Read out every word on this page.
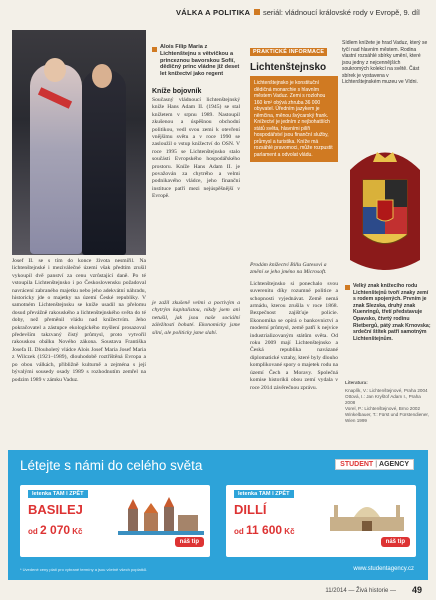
VÁLKA A POLITIKA seriál: vládnoucí královské rody v Evropě, 9. díl
Alois Filip Maria z Lichtenštejnu s větvičkou a princeznou bavorskou Sofií, dědičný princ vládne již deset let knížectví jako regent
Kníže bojovník

Současný vládnoucí lichtenštejnský kníže Hans Adam II. (1945) se stal knížetem v srpnu 1989. Nastoupil zkušenou a úspěšnou obchodní politikou, vedl svou zemi k otevření vnějšímu světu a v roce 1990 se zasloužil o vstup knížectví do OSN. V roce 1995 se Lichtenštejnsko stalo součástí Evropského hospodářského prostoru. Kníže Hans Adam II. je považován za chytrého a velmi podnikavého vládce, jeho finanční instituce patří mezi nejúspěšnější v Evropě.

PRAKTICKÉ INFORMACE
Lichtenštejnsko
Lichtenštejnsko je konstituční dědičná monarchie s hlavním městem Vaduz. Zemi s rozlohou 160 km² obývá zhruba 36 000 obyvatel. Úředním jazykem je němčina, měnou švýcarský frank. Knížectví je jedním z nejbohatších států světa, hlavními pilíři hospodářství jsou finanční služby, průmysl a turistika. Kníže má rozsáhlé pravomoci, může rozpustit parlament a odvolat vládu.
Sídlem knížete je hrad Vaduz, který se tyčí nad hlavním městem. Rodina vlastní rozsáhlé sbírky umění, které jsou jedny z nejcennějších soukromých kolekcí na světě. Část sbírek je vystavena v Lichtenštejnském muzeu ve Vídni.
Velký znak knížecího rodu Lichtenštejnů tvoří znaky zemí s rodem spojených. Prvním je znak Slezska, druhý znak Kuenringů, třetí představuje Opavsko, čtvrtý rodinu Rietbergů, pátý znak Krnovska; srdeční štítek patří samotným Lichtenštejnům.
Literatura:
Knaplík, V.: Lichtenštejnové, Praha 2004
Ottová, I.: Jan Kryštof Adam I., Praha 2008
Vorel, P.: Lichtenštejnové, Brno 2002
Winkelbauer, T.: Fürst und Fürstendiener, Wien 1999

Josef II. se s tím do konce života nesmířil. Na lichtenštejnské i meziválečné území však předtím zrušil vykoupil dvě panství za cenu vzrůstající daně. Po té vstoupila Lichtenštejnsko i po Československu požadoval navrácení zabraného majetku nebo jeho adekvátní náhradu, historicky jde o majetky na území České republiky. V samotném Lichtenštejnsku se kníže usadil na přelomu dosud převážně rakouského a lichtenštejnského světa do té doby, než přeměnil vládu nad knížectvím. Jeho pokračovatel a zástupce ekologického myšlení prosazoval především takzvaný čistý průmysl, proto vytvořil rakouskou obálku Nového zákona. Soustava Františka Josefa II. Dlouholetý vládce Alois Josef Maria Josef Maria z Wilczek (1921–1989), dlouhodobě roztříštěná Evropa a po obou válkách, přibližně kulturně a zejména s její bývalými sousedy osady 1989 s rozhodnutím zemřel na podzim 1989 v zámku Vaduz.

je zažil zkušeně velmi a poctivým a chytrým kapitalistou, nikdy jsem ani netušil, jak jsou naše sociální záležitosti bohaté. Ekonomicky jsme silní, ale politicky jsme slabí.

Prodám knížectví Billu Gatesovi a změní se jeho jméno na Microsoft.

Lichtenštejnsko si ponechalo svou suverenitu díky rozumné politice a schopnosti vyjednávat. Země nemá armádu, kterou zrušila v roce 1868. Bezpečnost zajišťuje policie. Ekonomika se opírá o bankovnictví a moderní průmysl, země patří k nejvíce industrializovaným státům světa. Od roku 2009 mají Lichtenštejnsko a Česká republika navázané diplomatické vztahy, které byly dlouho komplikované spory o majetek rodu na území Čech a Moravy. Společná komise historiků obou zemí vydala v roce 2014 závěrečnou zprávu.

Létejte s námi do celého světa	STUDENT | AGENCY
letenka TAM I ZPĚT
BASILEJ
od 2 070 Kč
náš tip
letenka TAM I ZPĚT
DILLÍ
od 11 600 Kč
náš tip
* Uvedené ceny platí pro vybrané termíny a jsou včetně všech poplatků.	www.studentagency.cz
11/2014 — Živá historie — 49
